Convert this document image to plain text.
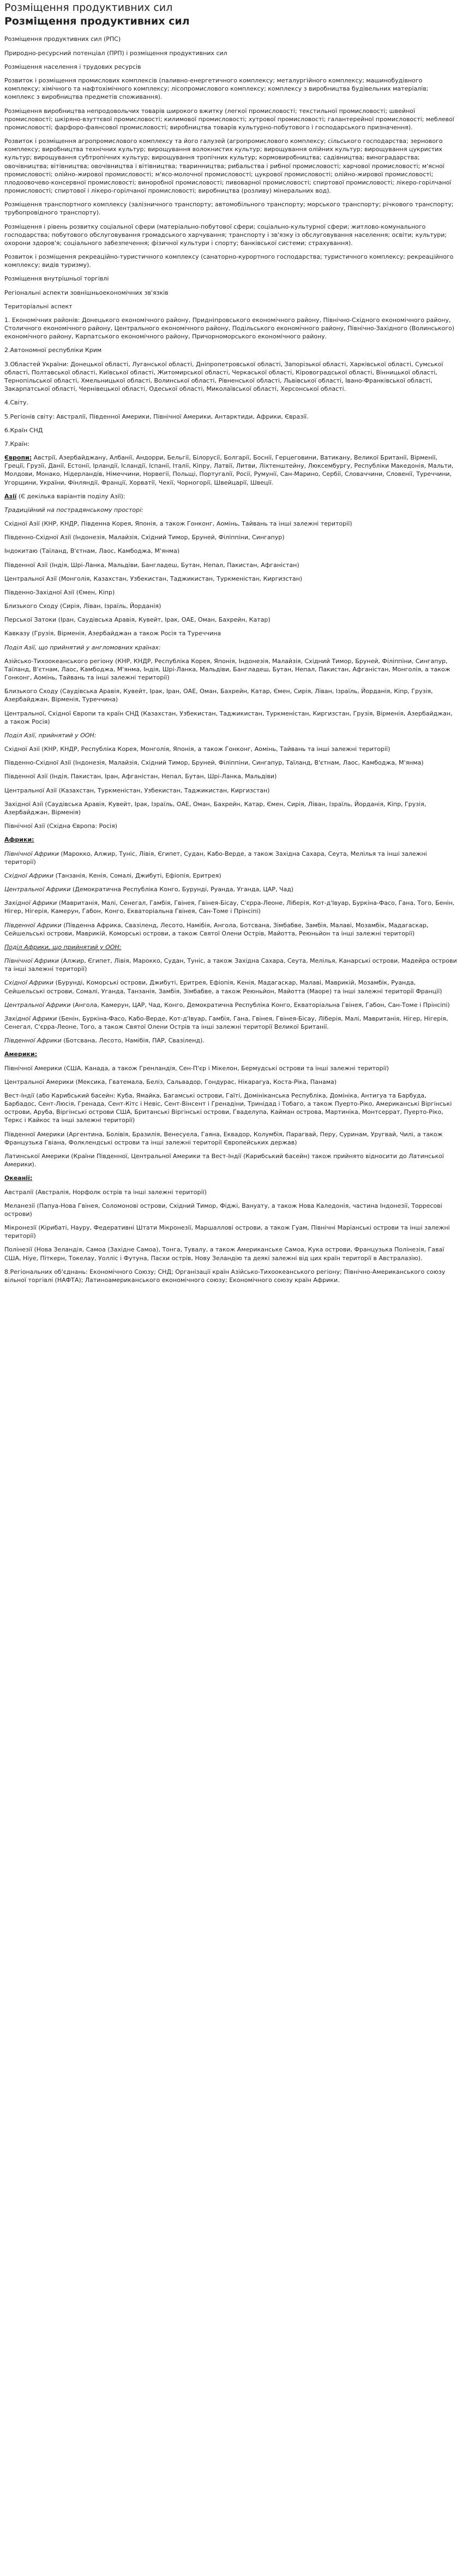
Розміщення продуктивних сил
Розміщення продуктивних сил

Розміщення продуктивних сил (РПС)

Природно-ресурсний потенціал (ПРП) і розміщення продуктивних сил

Розміщення населення і трудових ресурсів

Розвиток і розміщення промислових комплексів (паливно-енергетичного комплексу; металургійного комплексу; машинобудівного комплексу; хімічного та нафтохімічного комплексу; лісопромислового комплексу; комплексу з виробництва будівельних матеріалів; комплекс з виробництва предметів споживання).

Розміщення виробництва непродовольчих товарів широкого вжитку (легкої промисловості; текстильної промисловості; швейної промисловості; шкіряно-взуттєвої промисловості; килимової промисловості; хутрової промисловості; галантерейної промисловості; меблевої промисловості; фарфоро-фаянсової промисловості; виробництва товарів культурно-побутового і господарського призначення).

Розвиток і розміщення агропромислового комплексу та його галузей (агропромислового комплексу; сільського господарства; зернового комплексу; виробництва технічних культур; вирощування волокнистих культур; вирощування олійних культур; вирощування цукристих культур; вирощування субтропічних культур; вирощування тропічних культур; кормовиробництва; садівництва; виноградарства; овочівництва; вітівництва; овочівництва і вітівництва; тваринництва; рибальства і рибної промисловості; харчової промисловості; м'ясної промисловості; олійно-жирової промисловості; м'ясо-молочної промисловості; цукрової промисловості; олійно-жирової промисловості; плодоовочево-консервної промисловості; винорoбної промисловості; пивоварної промисловості; спиртової промисловості; лікеро-горілчаної промисловості; спиртової і лікеро-горілчаної промисловості; виробництва (розливу) мінеральних вод).

Розміщення транспортного комплексу (залізничного транспорту; автомобільного транспорту; морського транспорту; річкового транспорту; трубопровідного транспорту).

Розміщення і рівень розвитку соціальної сфери (матеріально-побутової сфери; соціально-культурної сфери; житлово-комунального господарства; побутового обслуговування громадського харчування; транспорту і зв'язку із обслуговування населення; освіти; культури; охорони здоров'я; соціального забезпечення; фізичної культури і спорту; банківської системи; страхування).

Розвиток і розміщення рекреаційно-туристичного комплексу (санаторно-курортного господарства; туристичного комплексу; рекреаційного комплексу; видів туризму).

Розміщення внутрішньої торгівлі

Регіональні аспекти зовнішньоекономічних зв'язків

Територіальні аспект

1. Економічних районів: Донецького економічного району, Придніпровського економічного району, Північно-Східного економічного району, Столичного економічного району, Центрального економічного району, Подільського економічного району, Північно-Західного (Волинського) економічного району, Карпатського економічного району, Причорноморського економічного району.

2.Автономної республіки Крим

3.Областей України: Донецької області, Луганської області, Дніпропетровської області, Запорізької області, Харківської області, Сумської області, Полтавської області, Київської області, Житомирської області, Черкаської області, Кіровоградської області, Вінницької області, Тернопільської області, Хмельницької області, Волинської області, Рівненської області, Львівської області, Івано-Франківської області, Закарпатської області, Чернівецької області, Одеської області, Миколаївської області, Херсонської області.

4.Світу.

5.Регіонів світу: Австралії, Південної Америки, Північної Америки, Антарктиди, Африки, Євразії.

6.Країн СНД

7.Країн:

Європи: Австрії, Азербайджану, Албанії, Андорри, Бельгії, Білорусії, Болгарії, Боснії, Герцеговини, Ватикану, Великої Британії, Вірменії, Греції, Грузії, Данії, Естонії, Ірландії, Ісландії, Іспанії, Італії, Кіпру, Латвії, Литви, Ліхтенштейну, Люксембургу, Республіки Македонія, Мальти, Молдови, Монако, Нідерландів, Німеччини, Норвегії, Польщі, Португалії, Росії, Румунії, Сан-Марино, Сербії, Словаччини, Словенії, Туреччини, Угорщини, України, Фінляндії, Франції, Хорватії, Чехії, Чорногорії, Швейцарії, Швеції.

Азії (Є декілька варіантів поділу Азії):

Традиційний на пострадянському просторі:

Східної Азії (КНР, КНДР, Південна Корея, Японія, а також Гонконг, Аомінь, Тайвань та інші залежні території)

Південно-Східної Азії (Індонезія, Малайзія, Східний Тимор, Бруней, Філіппіни, Сингапур)

Індокитаю (Таїланд, В'єтнам, Лаос, Камбоджа, М'янма)

Південної Азії (Індія, Шрі-Ланка, Мальдіви, Бангладеш, Бутан, Непал, Пакистан, Афганістан)

Центральної Азії (Монголія, Казахстан, Узбекистан, Таджикистан, Туркменістан, Киргизстан)

Південно-Західної Азії (Ємен, Кіпр)

Близького Сходу (Сирія, Ліван, Ізраїль, Йорданія)

Перської Затоки (Іран, Саудівська Аравія, Кувейт, Ірак, ОАЕ, Оман, Бахрейн, Катар)

Кавказу (Грузія, Вірменія, Азербайджан а також Росія та Туреччина

Поділ Азії, що прийнятий у англомовних країнах:

Азійсько-Тихоокеанського регіону (КНР, КНДР, Республіка Корея, Японія, Індонезія, Малайзія, Східний Тимор, Бруней, Філіппіни, Сингапур, Таїланд, В'єтнам, Лаос, Камбоджа, М'янма, Індія, Шрі-Ланка, Мальдіви, Бангладеш, Бутан, Непал, Пакистан, Афганістан, Монголія, а також Гонконг, Аомінь, Тайвань та інші залежні території)

Близького Сходу (Саудівська Аравія, Кувейт, Ірак, Іран, ОАЕ, Оман, Бахрейн, Катар, Ємен, Сирія, Ліван, Ізраїль, Йорданія, Кіпр, Грузія, Азербайджан, Вірменія, Туреччина)

Центральної, Східної Європи та країн СНД (Казахстан, Узбекистан, Таджикистан, Туркменістан, Киргизстан, Грузія, Вірменія, Азербайджан, а також Росія)

Поділ Азії, прийнятий у ООН:

Східної Азії (КНР, КНДР, Республіка Корея, Монголія, Японія, а також Гонконг, Аомінь, Тайвань та інші залежні території)

Південно-Східної Азії (Індонезія, Малайзія, Східний Тимор, Бруней, Філіппіни, Сингапур, Таїланд, В'єтнам, Лаос, Камбоджа, М'янма)

Південної Азії (Індія, Пакистан, Іран, Афганістан, Непал, Бутан, Шрі-Ланка, Мальдіви)

Центральної Азії (Казахстан, Туркменістан, Узбекистан, Таджикистан, Киргизстан)

Західної Азії (Саудівська Аравія, Кувейт, Ірак, Ізраїль, ОАЕ, Оман, Бахрейн, Катар, Ємен, Сирія, Ліван, Ізраїль, Йорданія, Кіпр, Грузія, Азербайджан, Вірменія)

Північної Азії (Східна Європа: Росія)

Африки:

Північної Африки (Марокко, Алжир, Туніс, Лівія, Єгипет, Судан, Кабо-Верде, а також Західна Сахара, Сеута, Мелілья та інші залежні території)

Східної Африки (Танзанія, Кенія, Сомалі, Джибуті, Ефіопія, Еритрея)

Центральної Африки (Демократична Республіка Конго, Бурунді, Руанда, Уганда, ЦАР, Чад)

Західної Африки (Мавританія, Малі, Сенегал, Гамбія, Гвінея, Гвінея-Бісау, С'єрра-Леоне, Ліберія, Кот-д'Івуар, Буркіна-Фасо, Гана, Того, Бенін, Нігер, Нігерія, Камерун, Габон, Конго, Екваторіальна Гвінея, Сан-Томе і Прінсіпі)

Південної Африки (Південна Африка, Свазіленд, Лесото, Намібія, Ангола, Ботсвана, Зімбабве, Замбія, Малаві, Мозамбік, Мадагаскар, Сейшельські острови, Маврикій, Коморські острови, а також Святої Олени Острів, Майотта, Реюньйон та інші залежні території)

Поділ Африки, що прийнятий у ООН:

Північної Африки (Алжир, Єгипет, Лівія, Марокко, Судан, Туніс, а також Західна Сахара, Сеута, Мелілья, Канарські острови, Мадейра острови та інші залежні території)

Східної Африки (Бурунді, Коморські острови, Джибуті, Еритрея, Ефіопія, Кенія, Мадагаскар, Малаві, Маврикій, Мозамбік, Руанда, Сейшельські острови, Сомалі, Уганда, Танзанія, Замбія, Зімбабве, а також Реюньйон, Майотта (Маоре) та інші залежні території Франції)

Центральної Африки (Ангола, Камерун, ЦАР, Чад, Конго, Демократична Республіка Конго, Екваторіальна Гвінея, Габон, Сан-Томе і Прінсіпі)

Західної Африки (Бенін, Буркіна-Фасо, Кабо-Верде, Кот-д'Івуар, Гамбія, Гана, Гвінея, Гвінея-Бісау, Ліберія, Малі, Мавританія, Нігер, Нігерія, Сенегал, С'єрра-Леоне, Того, а також Святої Олени Острів та інші залежні території Великої Британії.

Південної Африки (Ботсвана, Лесото, Намібія, ПАР, Свазіленд).

Америки:

Північної Америки (США, Канада, а також Гренландія, Сен-П'єр і Мікелон, Бермудські острови та інші залежні території)

Центральної Америки (Мексика, Гватемала, Беліз, Сальвадор, Гондурас, Нікарагуа, Коста-Ріка, Панама)

Вест-Індії (або Карибський басейн: Куба, Ямайка, Багамські острови, Гаїті, Домініканська Республіка, Домініка, Антигуа та Барбуда, Барбадос, Сент-Люсія, Гренада, Сент-Кітс і Невіс, Сент-Вінсент і Гренадіни, Тринідад і Тобаго, а також Пуерто-Ріко, Американські Віргінські острови, Аруба, Віргінські острови США, Британські Віргінські острови, Гваделупа, Кайман острова, Мартиніка, Монтсеррат, Пуерто-Ріко, Теркс і Кайкос та інші залежні території)

Південної Америки (Аргентина, Болівія, Бразилія, Венесуела, Гаяна, Еквадор, Колумбія, Парагвай, Перу, Суринам, Уругвай, Чилі, а також Французька Гвіана, Фолклендські острови та інші залежні території Європейських держав)

Латинської Америки (Країни Південної, Центральної Америки та Вест-Індії (Карибський басейн) також прийнято відносити до Латинської Америки).

Океанії:

Австралії (Австралія, Норфолк острів та інші залежні території)

Меланезії (Папуа-Нова Гвінея, Соломонові острови, Східний Тимор, Фіджі, Вануату, а також Нова Каледонія, частина Індонезії, Торресові острови)

Мікронезії (Кірибаті, Науру, Федеративні Штати Мікронезії, Маршаллові острови, а також Гуам, Північні Маріанські острови та інші залежні території)

Полінезії (Нова Зеландія, Самоа (Західне Самоа), Тонга, Тувалу, а також Американське Самоа, Кука острови, Французька Полінезія, Гаваї США, Ніуе, Піткерн, Токелау, Уолліс і Футуна, Пасхи острів, Нову Зеландію та деякі залежні від цих країн території в Австралазію).

8.Регіональних об'єднань: Економічного Союзу; СНД; Організації країн Азійсько-Тихоокеанського регіону; Північно-Американського союзу вільної торгівлі (НАФТА); Латиноамериканського економічного союзу; Економічного союзу країн Африки.
